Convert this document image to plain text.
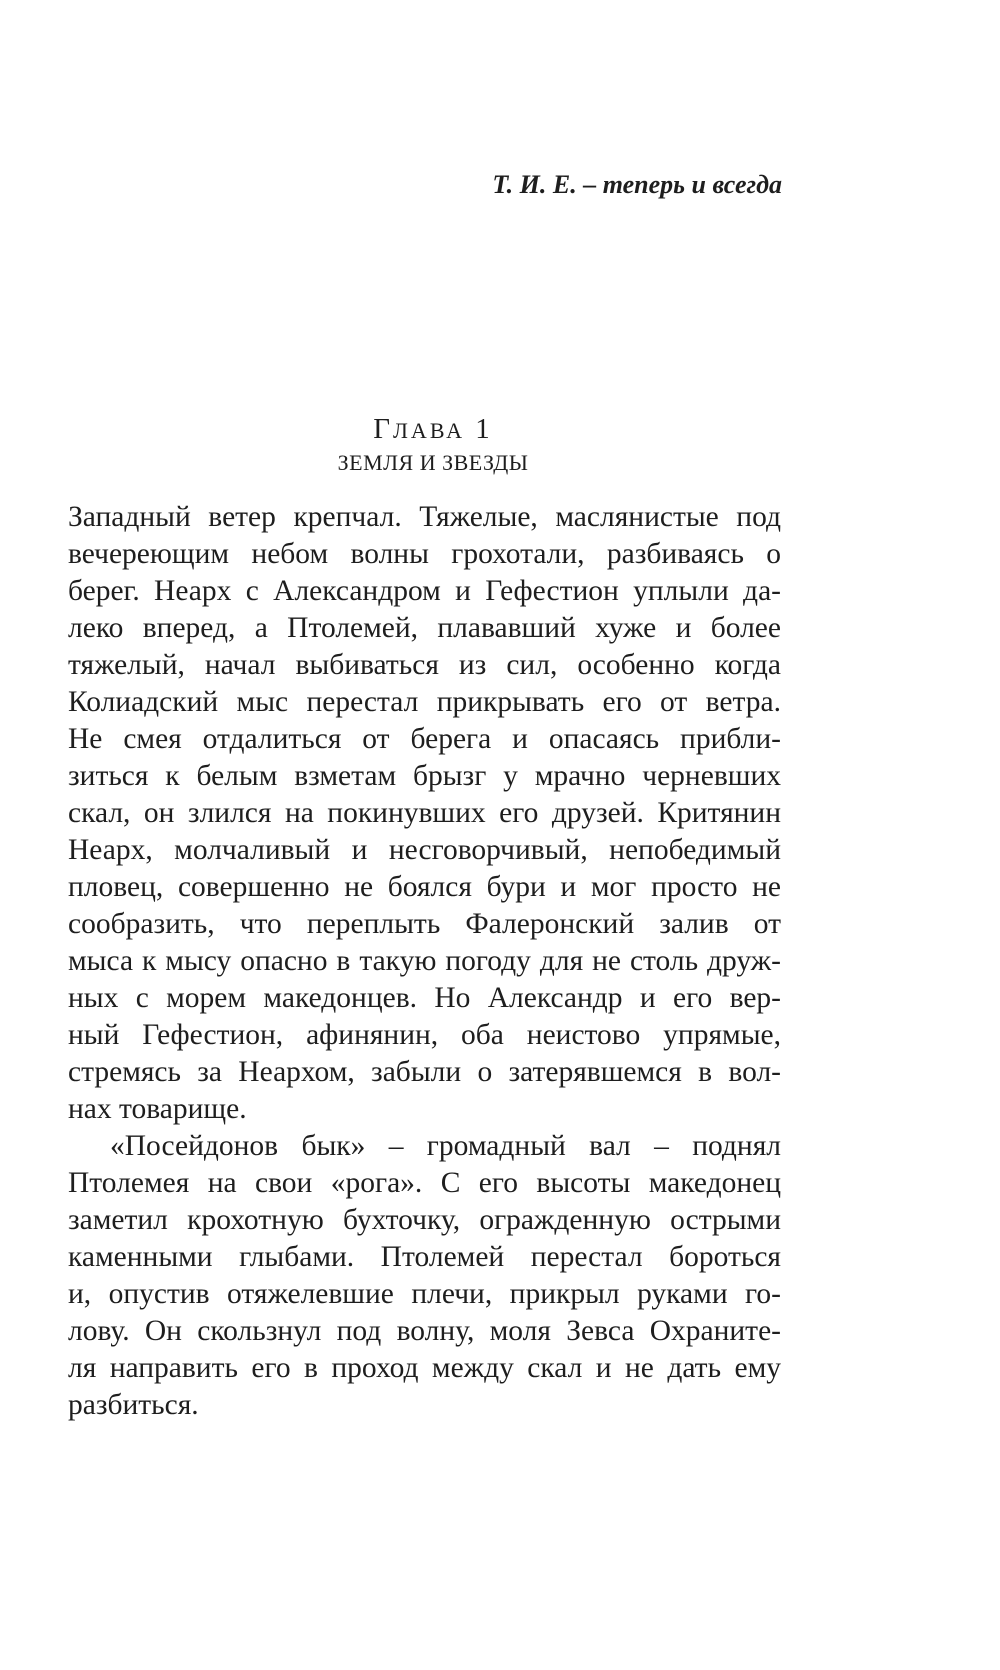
Т. И. Е. – теперь и всегда
ГЛАВА 1
ЗЕМЛЯ И ЗВЕЗДЫ
Западный ветер крепчал. Тяжелые, маслянистые под
вечереющим небом волны грохотали, разбиваясь о
берег. Неарх с Александром и Гефестион уплыли да-
леко вперед, а Птолемей, плававший хуже и более
тяжелый, начал выбиваться из сил, особенно когда
Колиадский мыс перестал прикрывать его от ветра.
Не смея отдалиться от берега и опасаясь прибли-
зиться к белым взметам брызг у мрачно черневших
скал, он злился на покинувших его друзей. Критянин
Неарх, молчаливый и несговорчивый, непобедимый
пловец, совершенно не боялся бури и мог просто не
сообразить, что переплыть Фалеронский залив от
мыса к мысу опасно в такую погоду для не столь друж-
ных с морем македонцев. Но Александр и его вер-
ный Гефестион, афинянин, оба неистово упрямые,
стремясь за Неархом, забыли о затерявшемся в вол-
нах товарище.
«Посейдонов бык» – громадный вал – поднял
Птолемея на свои «рога». С его высоты македонец
заметил крохотную бухточку, огражденную острыми
каменными глыбами. Птолемей перестал бороться
и, опустив отяжелевшие плечи, прикрыл руками го-
лову. Он скользнул под волну, моля Зевса Охраните-
ля направить его в проход между скал и не дать ему
разбиться.
